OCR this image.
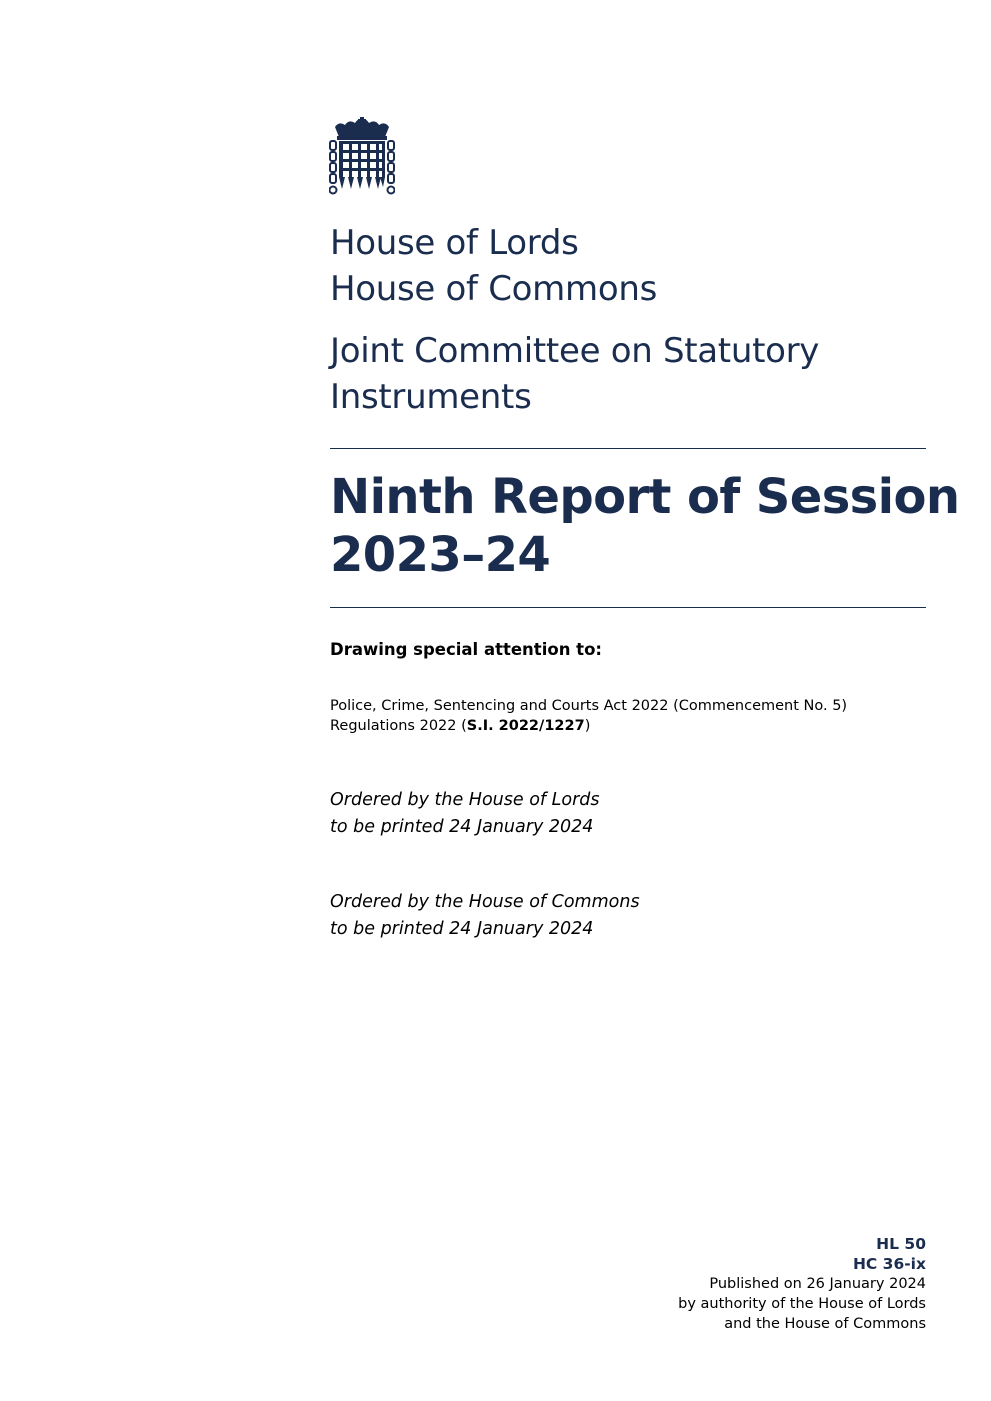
House of Lords
House of Commons
Joint Committee on Statutory
Instruments
Ninth Report of Session
2023–24
Drawing special attention to:
Police, Crime, Sentencing and Courts Act 2022 (Commencement No. 5)
Regulations 2022 (S.I. 2022/1227)
Ordered by the House of Lords
to be printed 24 January 2024
Ordered by the House of Commons
to be printed 24 January 2024
HL 50
HC 36-ix
Published on 26 January 2024
by authority of the House of Lords
and the House of Commons
